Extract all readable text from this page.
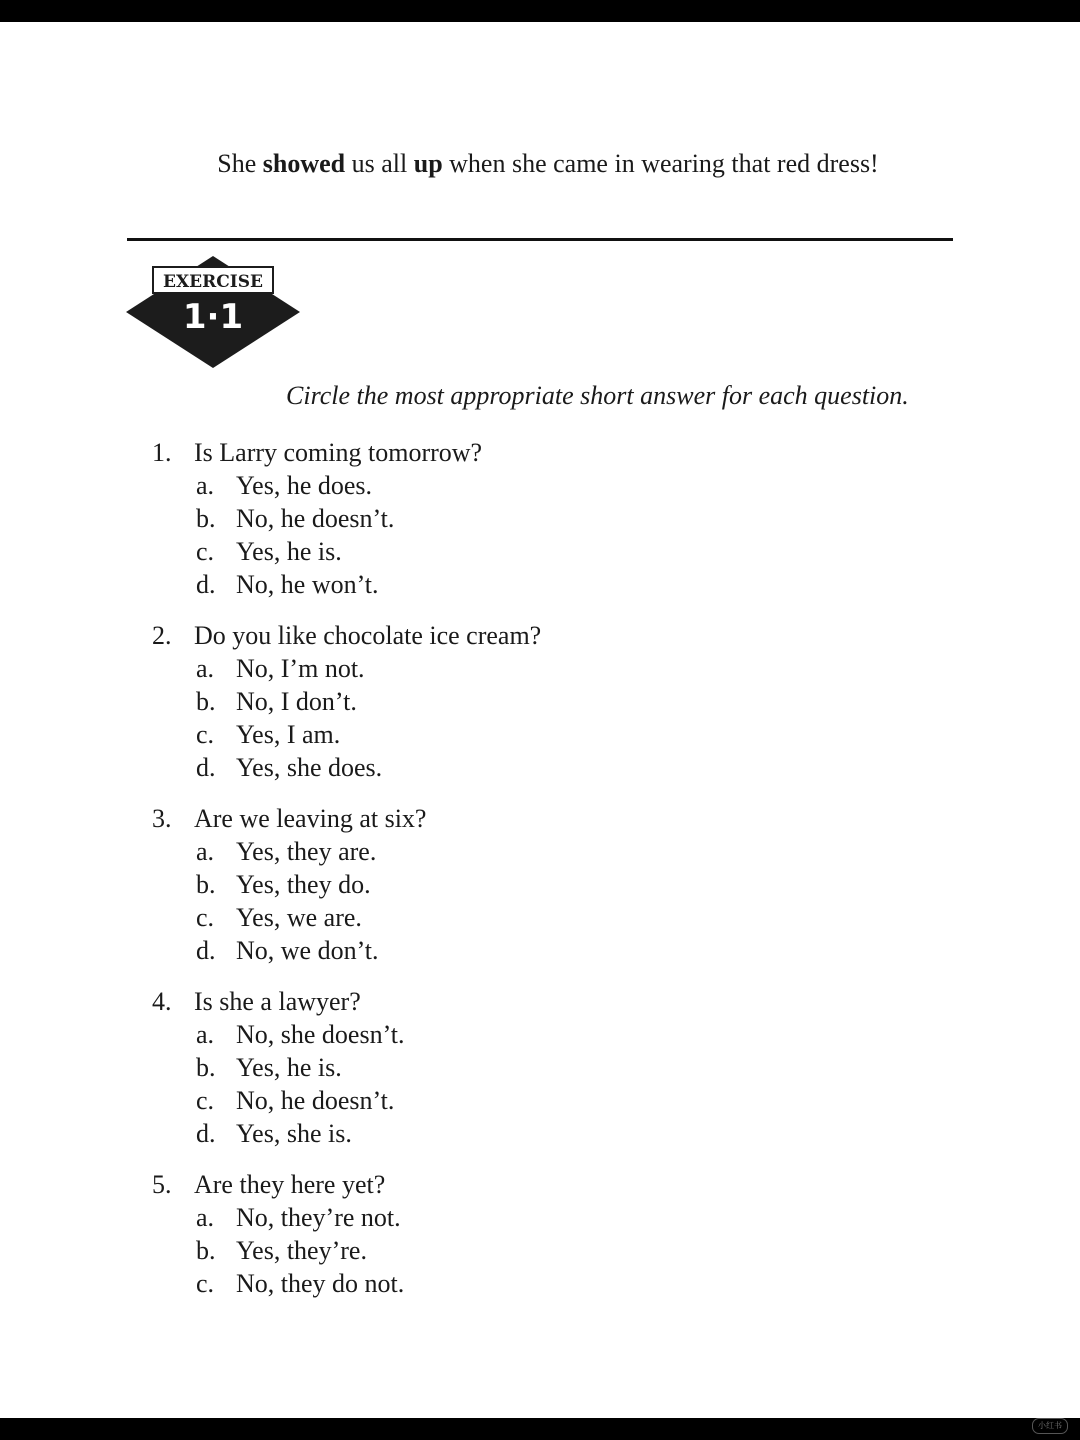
She showed us all up when she came in wearing that red dress!
EXERCISE
1·1
Circle the most appropriate short answer for each question.
1. Is Larry coming tomorrow?
a. Yes, he does.
b. No, he doesn’t.
c. Yes, he is.
d. No, he won’t.
2. Do you like chocolate ice cream?
a. No, I’m not.
b. No, I don’t.
c. Yes, I am.
d. Yes, she does.
3. Are we leaving at six?
a. Yes, they are.
b. Yes, they do.
c. Yes, we are.
d. No, we don’t.
4. Is she a lawyer?
a. No, she doesn’t.
b. Yes, he is.
c. No, he doesn’t.
d. Yes, she is.
5. Are they here yet?
a. No, they’re not.
b. Yes, they’re.
c. No, they do not.
小红书
